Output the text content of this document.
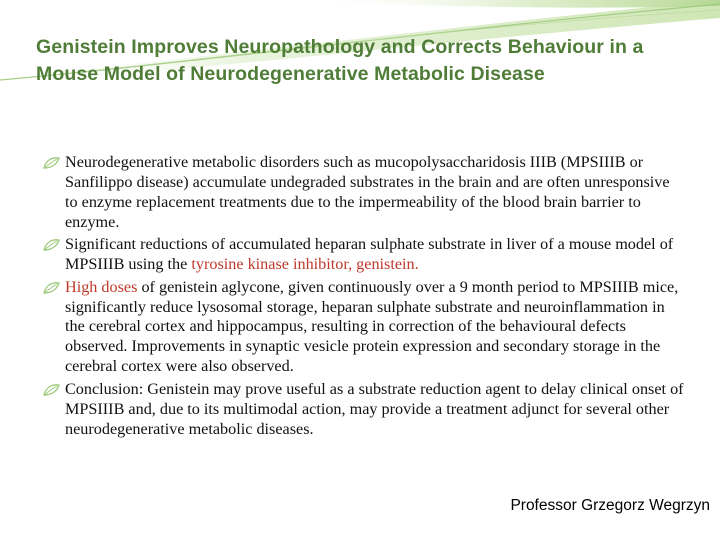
Genistein Improves Neuropathology and Corrects Behaviour in a Mouse Model of Neurodegenerative Metabolic Disease
Neurodegenerative metabolic disorders such as mucopolysaccharidosis IIIB (MPSIIIB or Sanfilippo disease) accumulate undegraded substrates in the brain and are often unresponsive to enzyme replacement treatments due to the impermeability of the blood brain barrier to enzyme.
Significant reductions of accumulated heparan sulphate substrate in liver of a mouse model of MPSIIIB using the tyrosine kinase inhibitor, genistein.
High doses of genistein aglycone, given continuously over a 9 month period to MPSIIIB mice, significantly reduce lysosomal storage, heparan sulphate substrate and neuroinflammation in the cerebral cortex and hippocampus, resulting in correction of the behavioural defects observed. Improvements in synaptic vesicle protein expression and secondary storage in the cerebral cortex were also observed.
Conclusion: Genistein may prove useful as a substrate reduction agent to delay clinical onset of MPSIIIB and, due to its multimodal action, may provide a treatment adjunct for several other neurodegenerative metabolic diseases.
Professor Grzegorz Wegrzyn
